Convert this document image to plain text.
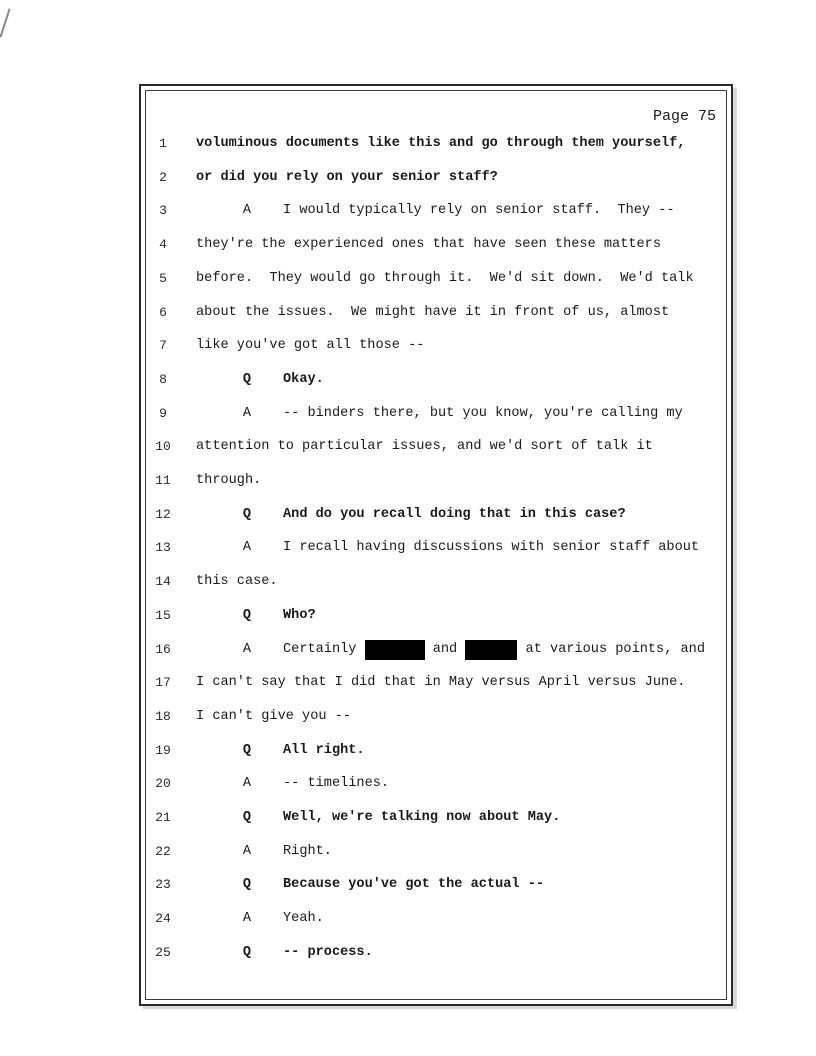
Page 75
1	voluminous documents like this and go through them yourself,
2	or did you rely on your senior staff?
3	A I would typically rely on senior staff.  They --
4	they're the experienced ones that have seen these matters
5	before.  They would go through it.  We'd sit down.  We'd talk
6	about the issues.  We might have it in front of us, almost
7	like you've got all those --
8	Q Okay.
9	A -- binders there, but you know, you're calling my
10	attention to particular issues, and we'd sort of talk it
11	through.
12	Q And do you recall doing that in this case?
13	A I recall having discussions with senior staff about
14	this case.
15	Q Who?
16	A Certainly	and	at various points, and
17	I can't say that I did that in May versus April versus June.
18	I can't give you --
19	Q All right.
20	A -- timelines.
21	Q Well, we're talking now about May.
22	A Right.
23	Q Because you've got the actual --
24	A Yeah.
25	Q -- process.
